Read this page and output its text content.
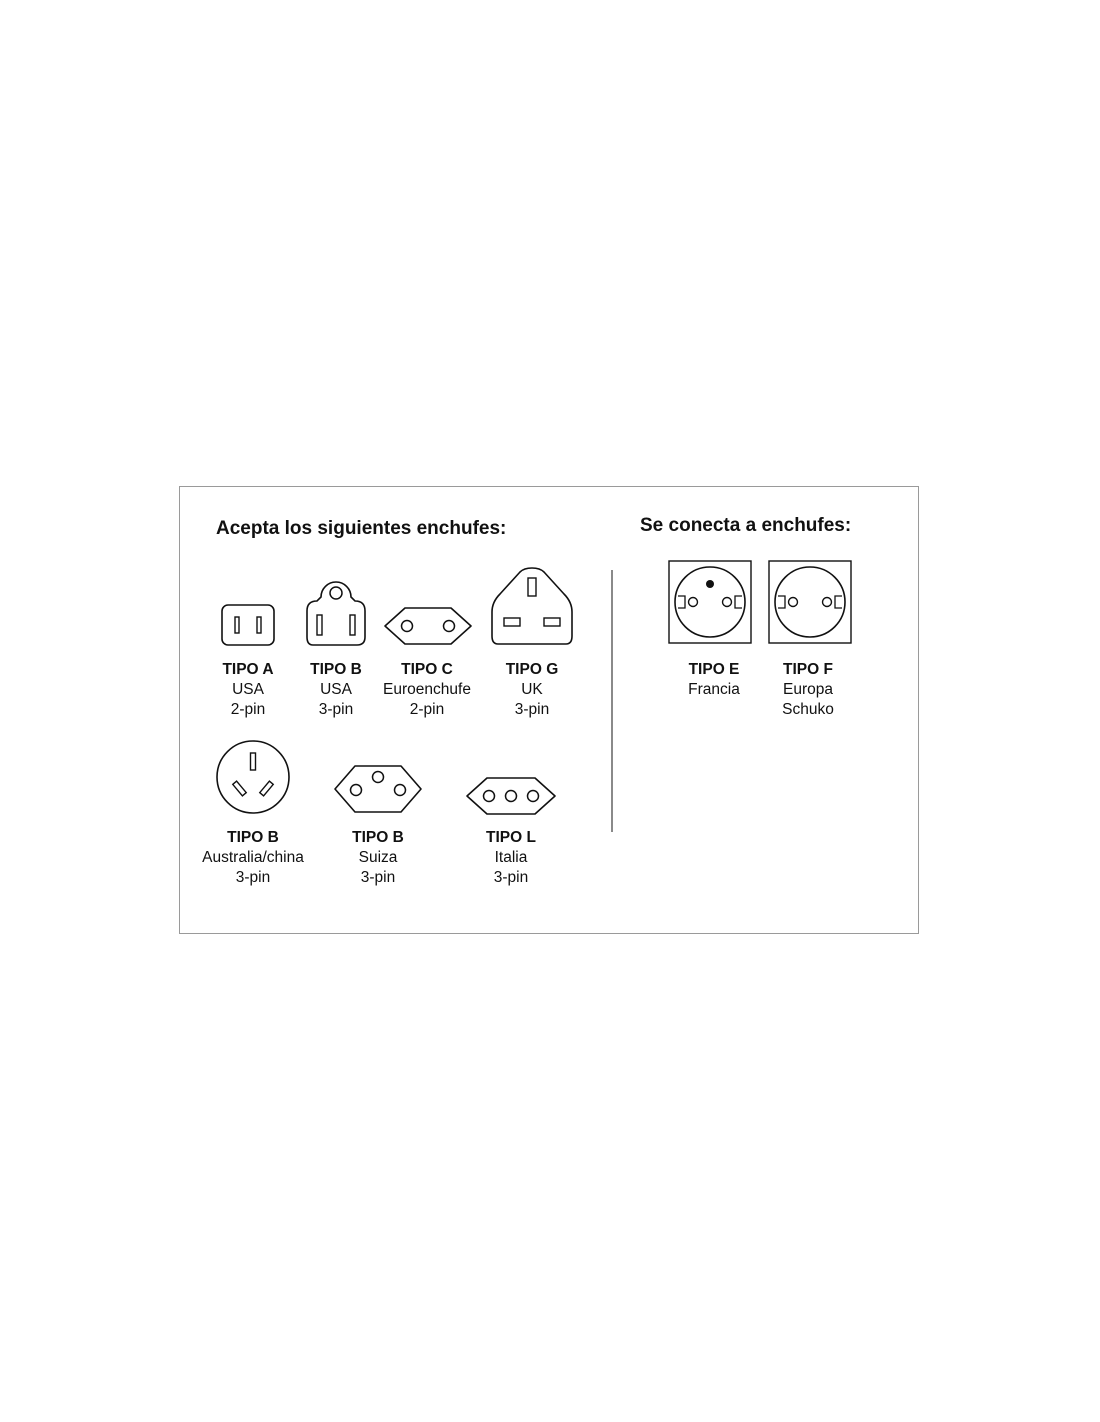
Acepta los siguientes enchufes:	Se conecta a enchufes:
TIPO A
USA
2-pin
TIPO B
USA
3-pin
TIPO C
Euroenchufe
2-pin
TIPO G
UK
3-pin
TIPO B
Australia/china
3-pin
TIPO B
Suiza
3-pin
TIPO L
Italia
3-pin
TIPO E
Francia
TIPO F
Europa
Schuko
